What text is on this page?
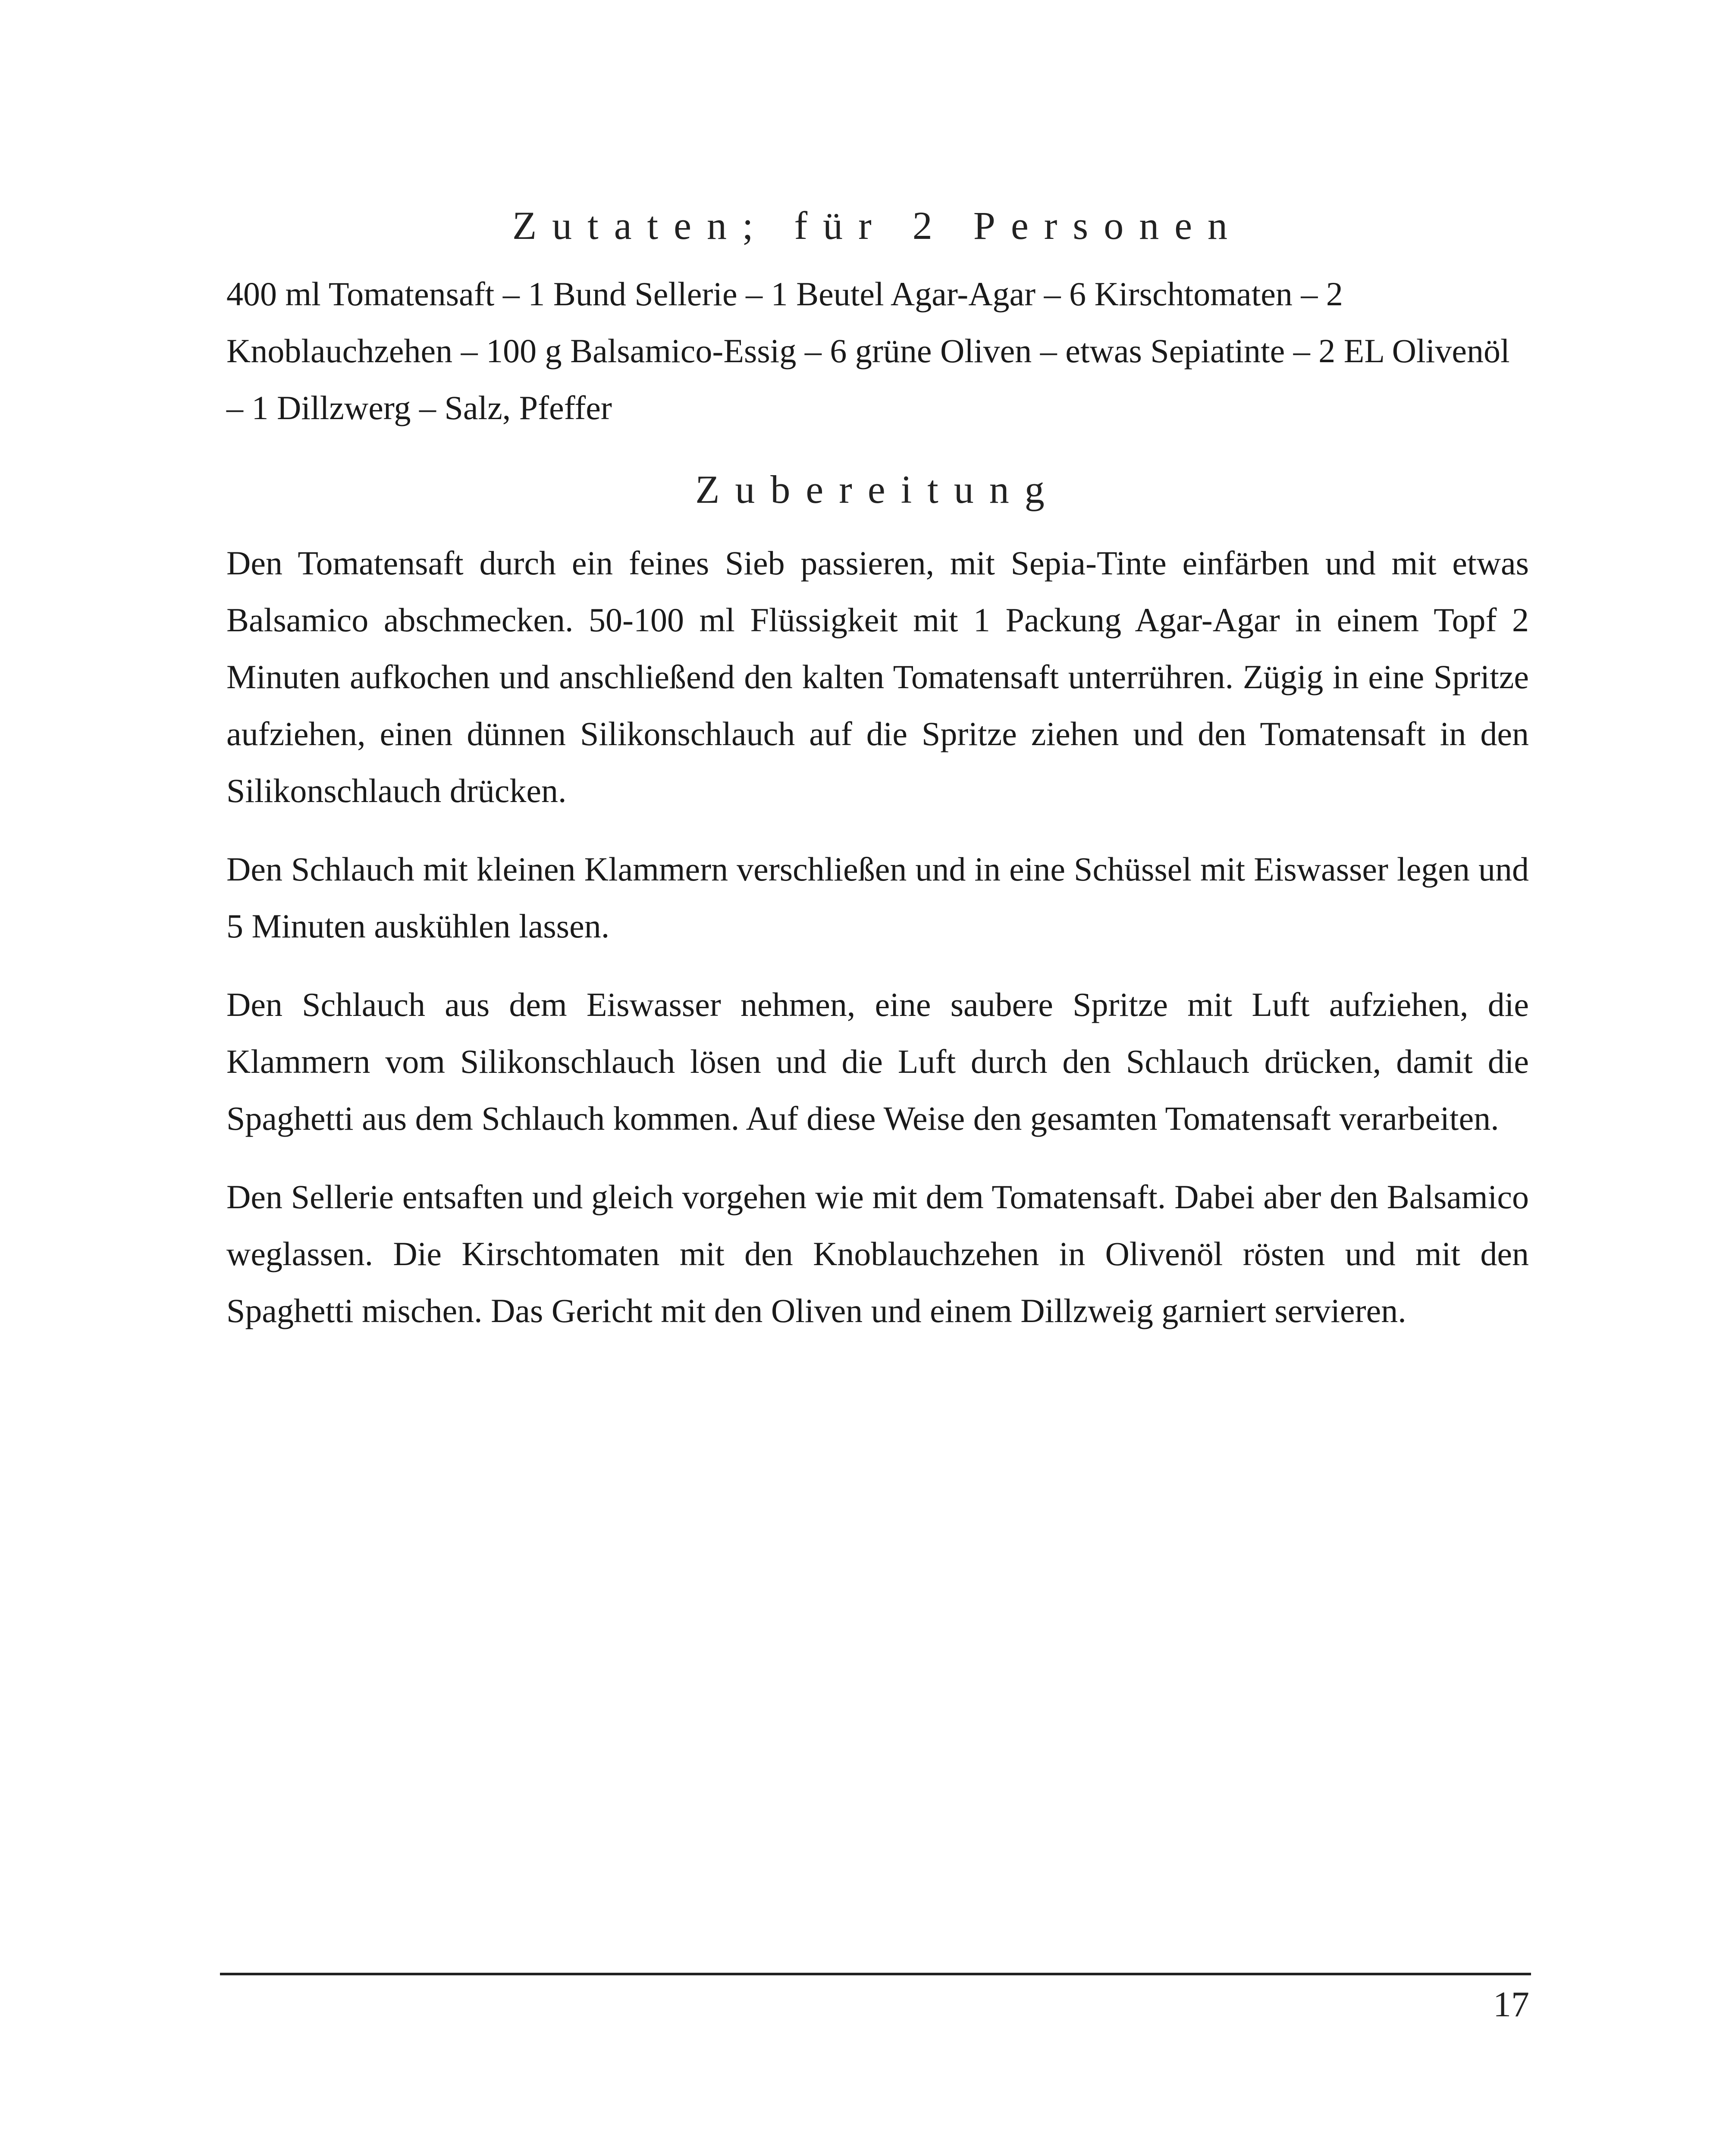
Zutaten; für 2 Personen

400 ml Tomatensaft – 1 Bund Sellerie – 1 Beutel Agar-Agar – 6 Kirschtomaten – 2 Knoblauchzehen – 100 g Balsamico-Essig – 6 grüne Oliven – etwas Sepiatinte – 2 EL Olivenöl – 1 Dillzwerg – Salz, Pfeffer

Zubereitung

Den Tomatensaft durch ein feines Sieb passieren, mit Sepia-Tinte einfärben und mit etwas Balsamico abschmecken. 50-100 ml Flüssigkeit mit 1 Packung Agar-Agar in einem Topf 2 Minuten aufkochen und anschließend den kalten Tomatensaft unterrühren. Zügig in eine Spritze aufziehen, einen dünnen Silikonschlauch auf die Spritze ziehen und den Tomatensaft in den Silikonschlauch drücken.

Den Schlauch mit kleinen Klammern verschließen und in eine Schüssel mit Eiswasser legen und 5 Minuten auskühlen lassen.

Den Schlauch aus dem Eiswasser nehmen, eine saubere Spritze mit Luft aufziehen, die Klammern vom Silikonschlauch lösen und die Luft durch den Schlauch drücken, damit die Spaghetti aus dem Schlauch kommen. Auf diese Weise den gesamten Tomatensaft verarbeiten.

Den Sellerie entsaften und gleich vorgehen wie mit dem Tomatensaft. Dabei aber den Balsamico weglassen. Die Kirschtomaten mit den Knoblauchzehen in Olivenöl rösten und mit den Spaghetti mischen. Das Gericht mit den Oliven und einem Dillzweig garniert servieren.

17
